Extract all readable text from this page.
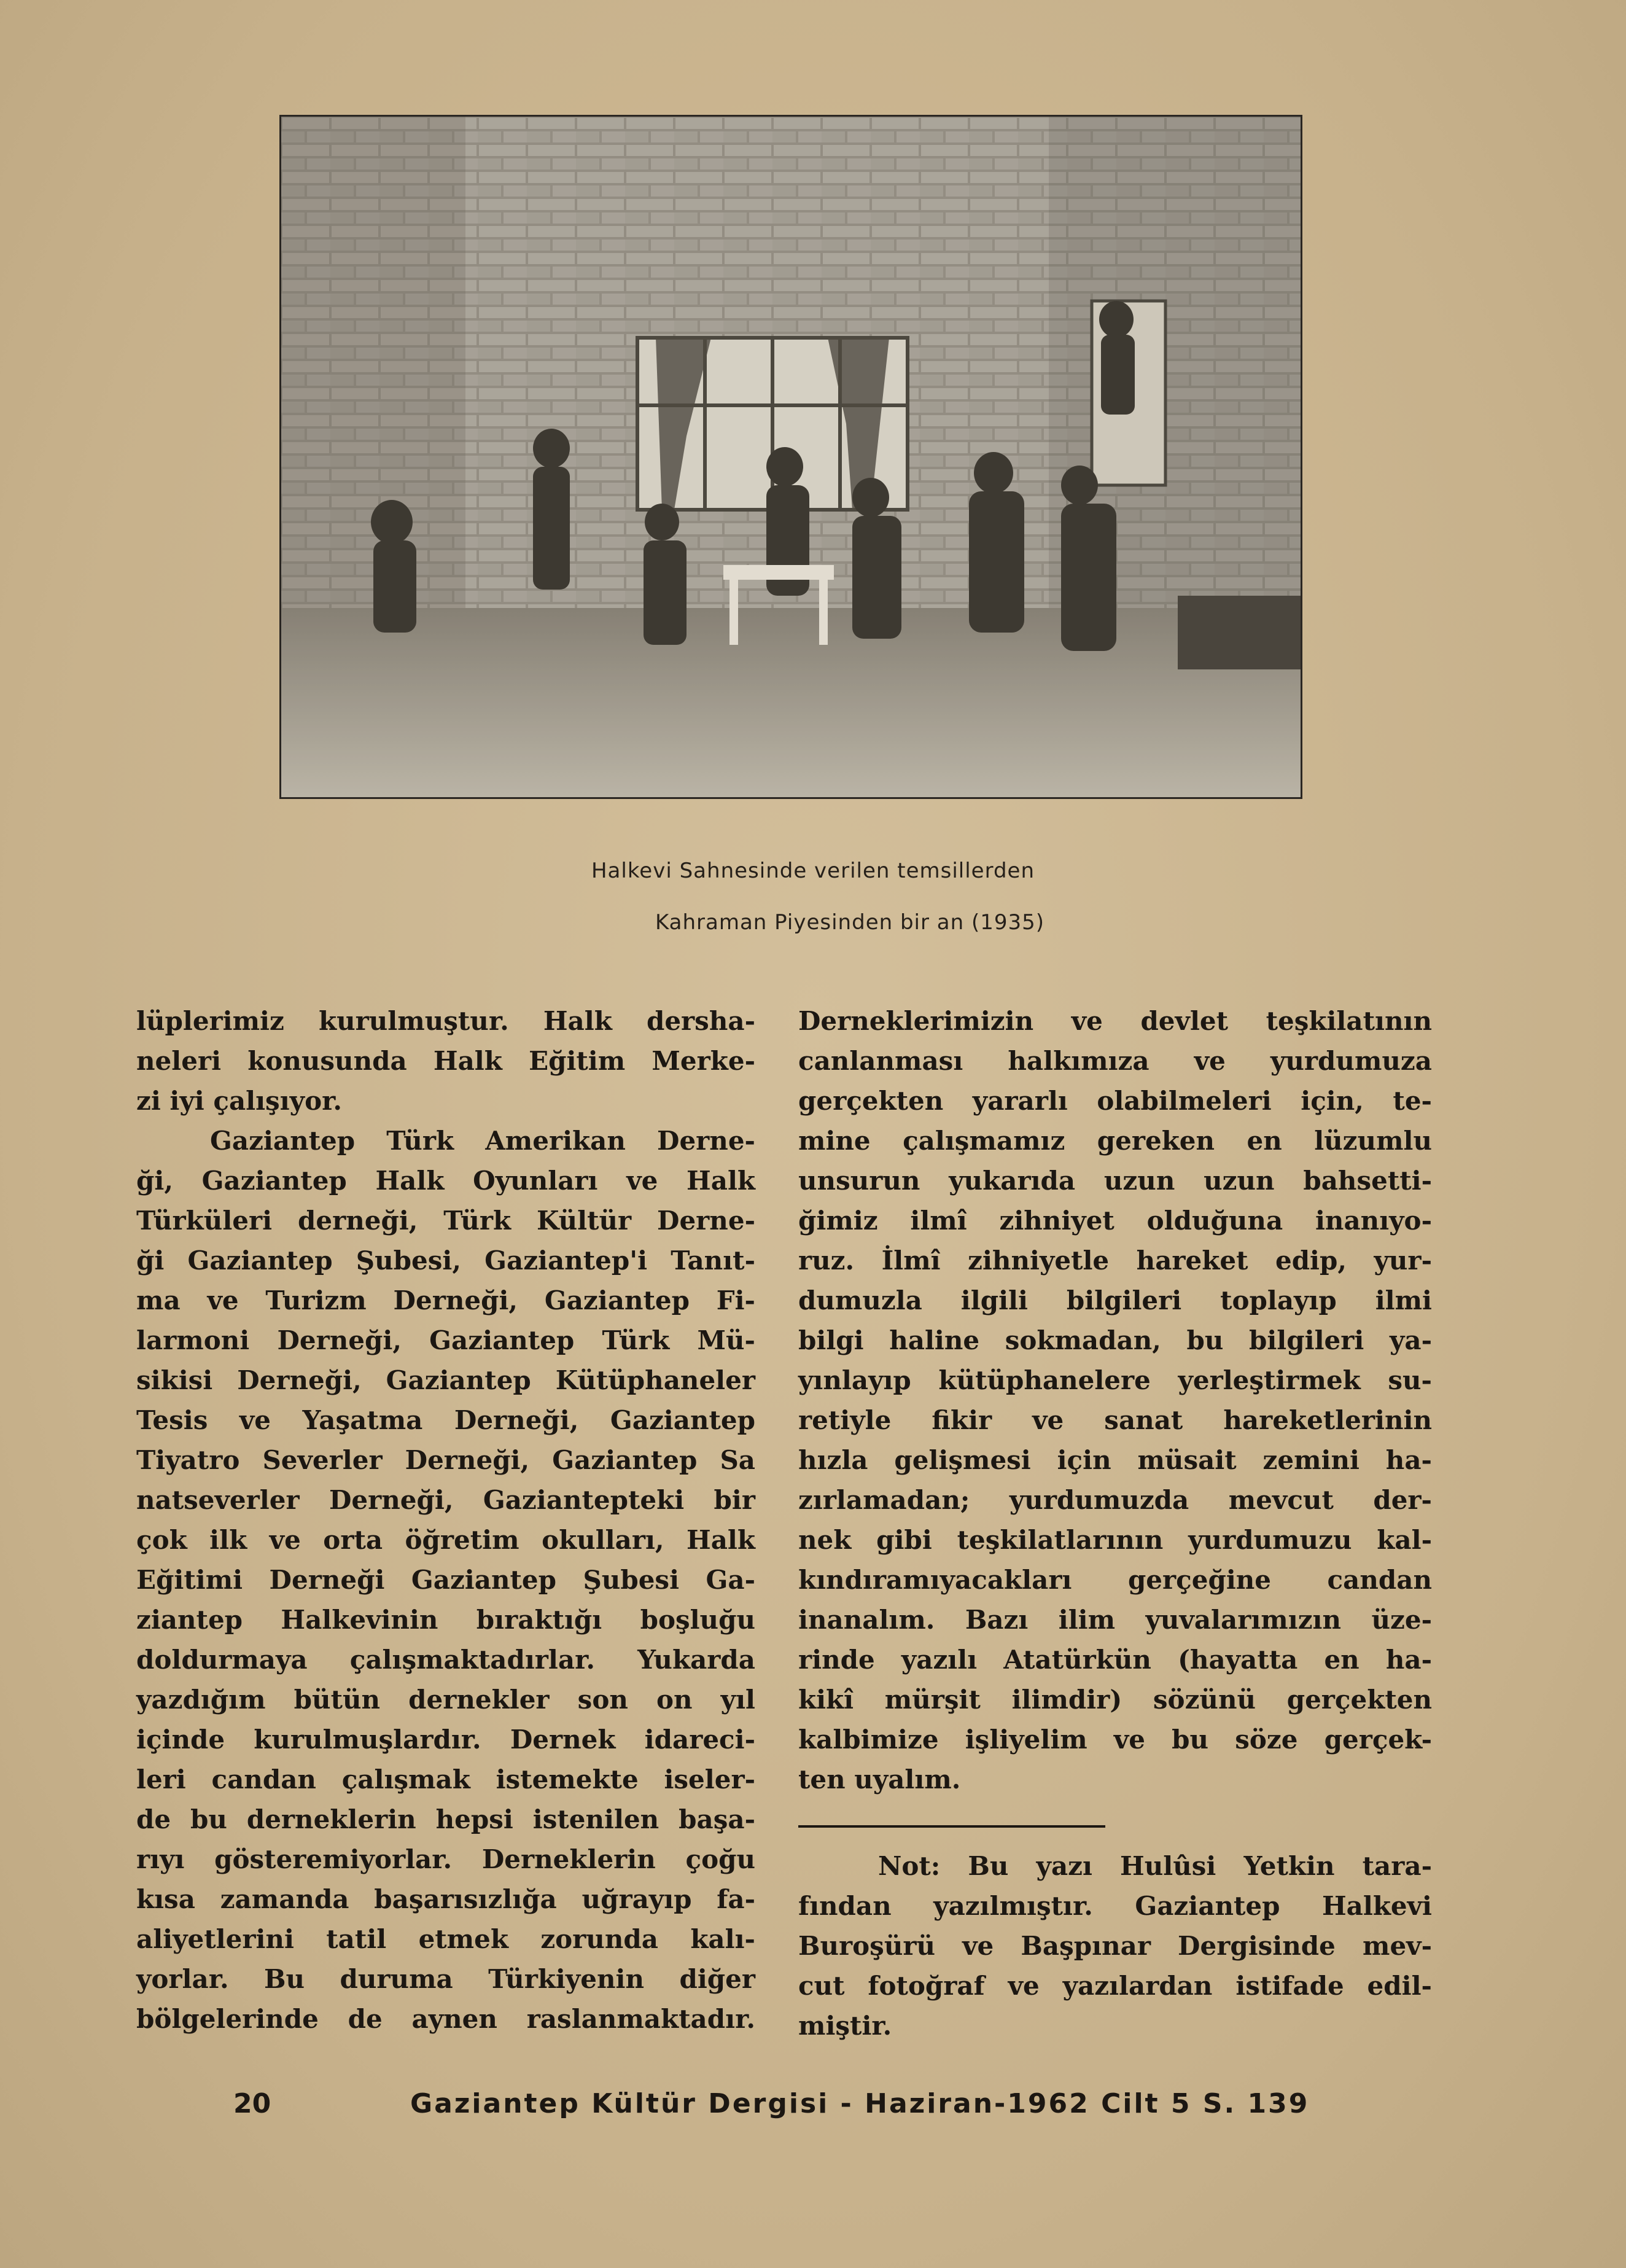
Halkevi Sahnesinde verilen temsillerden
Kahraman Piyesinden bir an (1935)

lüplerimiz kurulmuştur. Halk dersha-

neleri konusunda Halk Eğitim Merke-

zi iyi çalışıyor.

Gaziantep Türk Amerikan Derne-

ği, Gaziantep Halk Oyunları ve Halk

Türküleri derneği, Türk Kültür Derne-

ği Gaziantep Şubesi, Gaziantep'i Tanıt-

ma ve Turizm Derneği, Gaziantep Fi-

larmoni Derneği, Gaziantep Türk Mü-

sikisi Derneği, Gaziantep Kütüphaneler

Tesis ve Yaşatma Derneği, Gaziantep

Tiyatro Severler Derneği, Gaziantep Sa

natseverler Derneği, Gaziantepteki bir

çok ilk ve orta öğretim okulları, Halk

Eğitimi Derneği Gaziantep Şubesi Ga-

ziantep Halkevinin bıraktığı boşluğu

doldurmaya çalışmaktadırlar. Yukarda

yazdığım bütün dernekler son on yıl

içinde kurulmuşlardır. Dernek idareci-

leri candan çalışmak istemekte iseler-

de bu derneklerin hepsi istenilen başa-

rıyı gösteremiyorlar. Derneklerin çoğu

kısa zamanda başarısızlığa uğrayıp fa-

aliyetlerini tatil etmek zorunda kalı-

yorlar. Bu duruma Türkiyenin diğer

bölgelerinde de aynen raslanmaktadır.

Derneklerimizin ve devlet teşkilatının

canlanması halkımıza ve yurdumuza

gerçekten yararlı olabilmeleri için, te-

mine çalışmamız gereken en lüzumlu

unsurun yukarıda uzun uzun bahsetti-

ğimiz ilmî zihniyet olduğuna inanıyo-

ruz. İlmî zihniyetle hareket edip, yur-

dumuzla ilgili bilgileri toplayıp ilmi

bilgi haline sokmadan, bu bilgileri ya-

yınlayıp kütüphanelere yerleştirmek su-

retiyle fikir ve sanat hareketlerinin

hızla gelişmesi için müsait zemini ha-

zırlamadan; yurdumuzda mevcut der-

nek gibi teşkilatlarının yurdumuzu kal-

kındıramıyacakları gerçeğine candan

inanalım. Bazı ilim yuvalarımızın üze-

rinde yazılı Atatürkün (hayatta en ha-

kikî mürşit ilimdir) sözünü gerçekten

kalbimize işliyelim ve bu söze gerçek-

ten uyalım.

Not: Bu yazı Hulûsi Yetkin tara-

fından yazılmıştır. Gaziantep Halkevi

Buroşürü ve Başpınar Dergisinde mev-

cut fotoğraf ve yazılardan istifade edil-

miştir.

20	Gaziantep Kültür Dergisi - Haziran-1962 Cilt 5 S. 139
